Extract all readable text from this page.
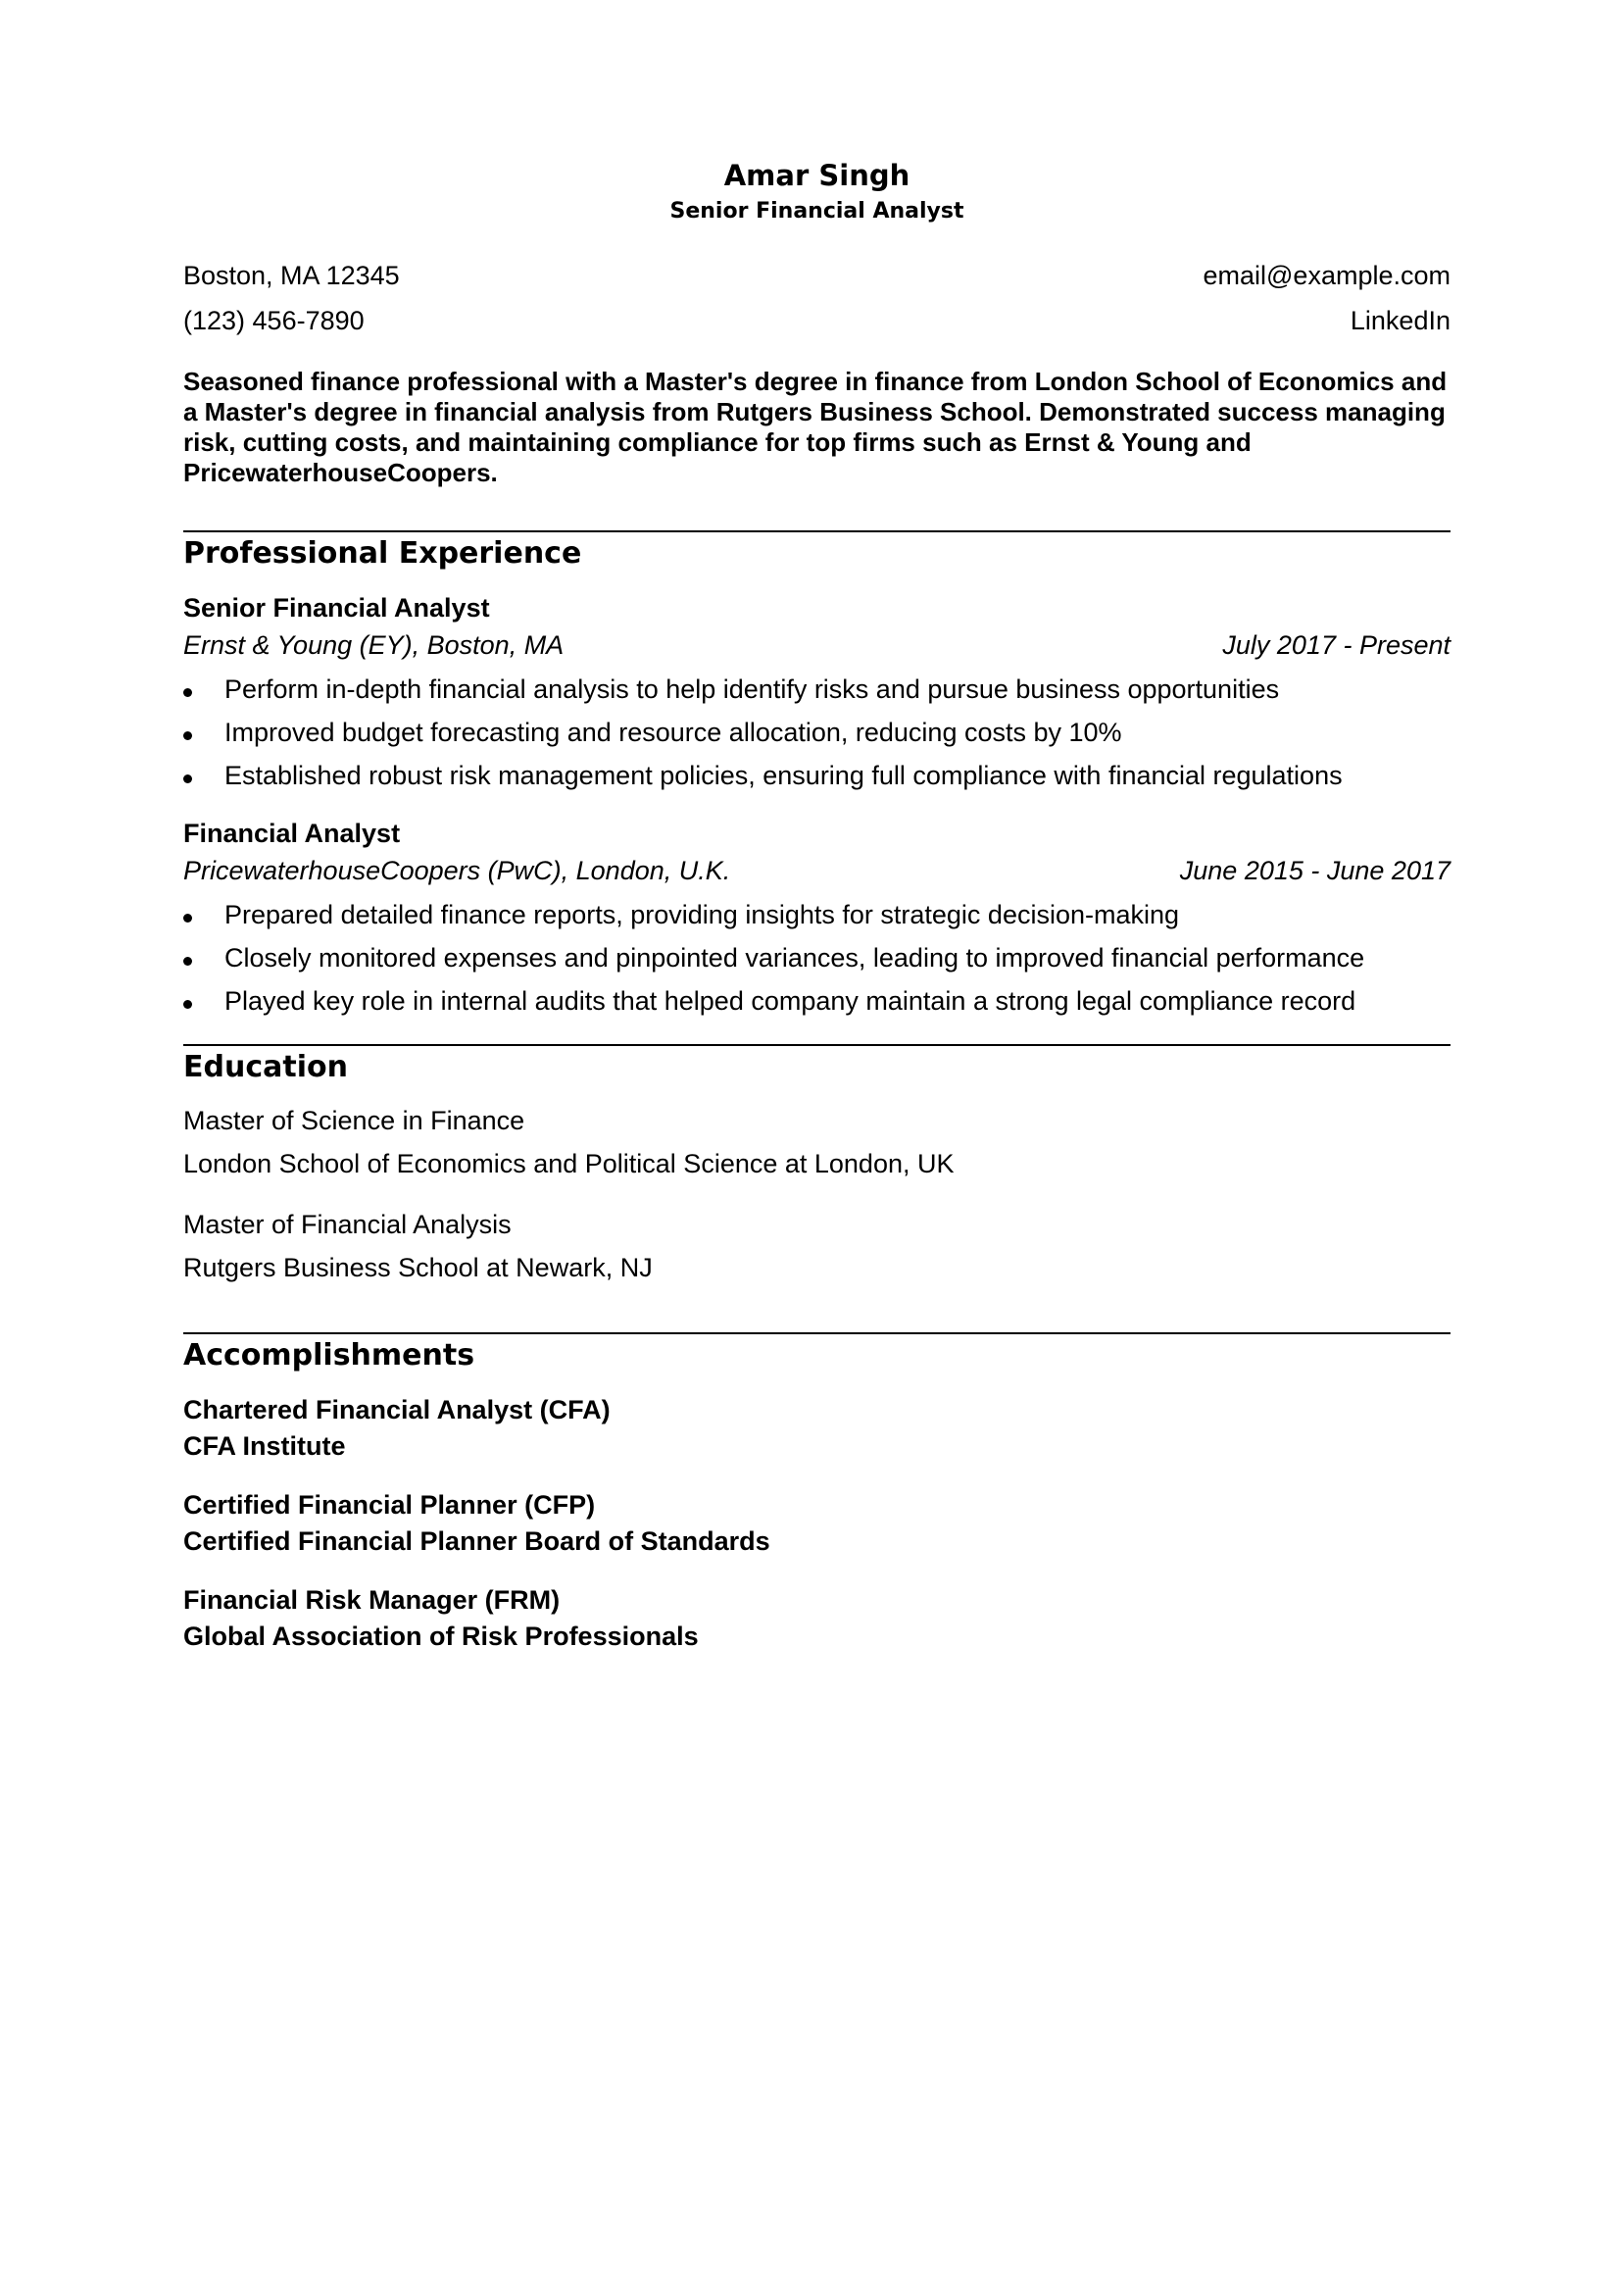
Amar Singh

Senior Financial Analyst

Boston, MA 12345	email@example.com
(123) 456-7890	LinkedIn

Seasoned finance professional with a Master's degree in finance from London School of Economics and a Master's degree in financial analysis from Rutgers Business School. Demonstrated success managing risk, cutting costs, and maintaining compliance for top firms such as Ernst & Young and PricewaterhouseCoopers.

Professional Experience

Senior Financial Analyst

Ernst & Young (EY), Boston, MA	July 2017 - Present
Perform in-depth financial analysis to help identify risks and pursue business opportunities
Improved budget forecasting and resource allocation, reducing costs by 10%
Established robust risk management policies, ensuring full compliance with financial regulations

Financial Analyst

PricewaterhouseCoopers (PwC), London, U.K.	June 2015 - June 2017
Prepared detailed finance reports, providing insights for strategic decision-making
Closely monitored expenses and pinpointed variances, leading to improved financial performance
Played key role in internal audits that helped company maintain a strong legal compliance record

Education

Master of Science in Finance
London School of Economics and Political Science at London, UK
Master of Financial Analysis
Rutgers Business School at Newark, NJ

Accomplishments

Chartered Financial Analyst (CFA)
CFA Institute
Certified Financial Planner (CFP)
Certified Financial Planner Board of Standards
Financial Risk Manager (FRM)
Global Association of Risk Professionals
